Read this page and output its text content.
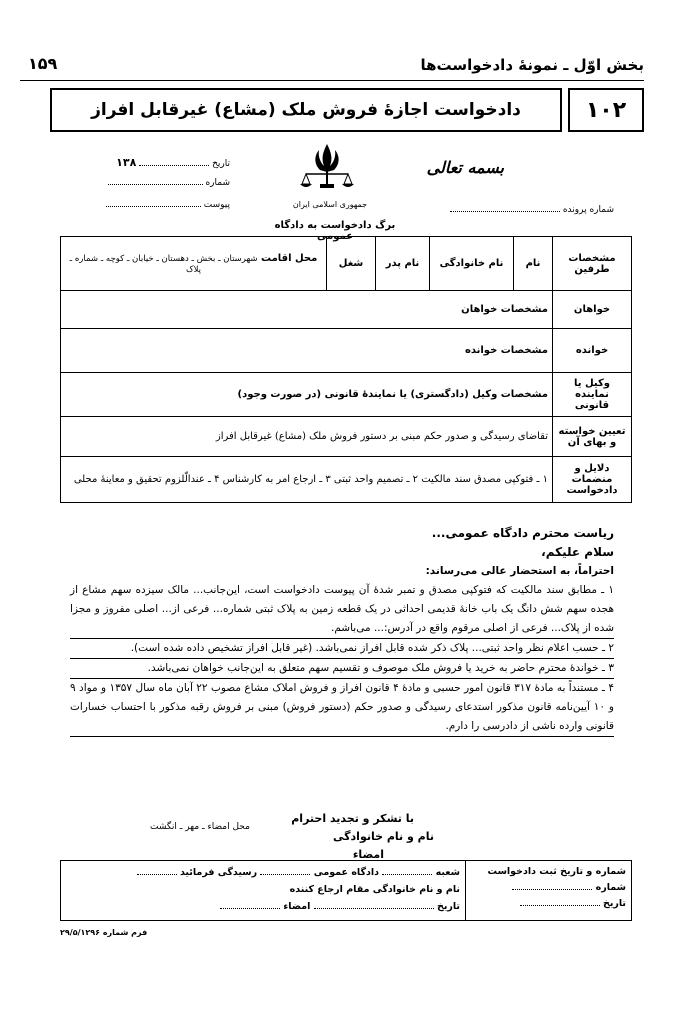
بخش اوّل ـ نمونهٔ دادخواست‌ها
۱۵۹
۱۰۲
دادخواست اجازهٔ فروش ملک (مشاع) غیرقابل افراز
بسمه تعالی
تاریخ  ۱۳۸
شماره
پیوست	شماره پرونده
جمهوری اسلامی ایران
برگ دادخواست به دادگاه عمومی
مشخصات طرفین	نام	نام خانوادگی	نام پدر	شغل	محل اقامت شهرستان ـ بخش ـ دهستان ـ خیابان ـ کوچه ـ شماره ـ پلاک
خواهان	مشخصات خواهان				
خوانده	مشخصات خوانده				
وکیل یا نماینده قانونی	مشخصات وکیل (دادگستری) یا نمایندهٔ قانونی (در صورت وجود)				
تعیین خواسته و بهای آن	تقاضای رسیدگی و صدور حکم مبنی بر دستور فروش ملک (مشاع) غیرقابل افراز				
دلایل و منضمات دادخواست	۱ ـ فتوکپی مصدق سند مالکیت ۲ ـ تصمیم واحد ثبتی ۳ ـ ارجاع امر به کارشناس ۴ ـ عندالّلزوم تحقیق و معاینهٔ محلی				

ریاست محترم دادگاه عمومی...

سلام علیکم،

احتراماً، به استحضار عالی می‌رساند:

۱ ـ مطابق سند مالکیت که فتوکپی مصدق و تمبر شدهٔ آن پیوست دادخواست است، این‌جانب... مالک سیزده سهم مشاع از هجده سهم شش دانگ یک باب خانهٔ قدیمی احداثی در یک قطعه زمین به پلاک ثبتی شماره... فرعی از... اصلی مفروز و مجزا شده از پلاک... فرعی از اصلی مرقوم واقع در آدرس:... می‌باشم.

۲ ـ حسب اعلام نظر واحد ثبتی... پلاک ذکر شده قابل افراز نمی‌باشد. (غیر قابل افراز تشخیص داده شده است).

۳ ـ خواندهٔ محترم حاضر به خرید یا فروش ملک موصوف و تقسیم سهم متعلق به این‌جانب خواهان نمی‌باشد.

۴ ـ مستنداً به مادهٔ ۳۱۷ قانون امور حسبی و مادهٔ ۴ قانون افراز و فروش املاک مشاع مصوب ۲۲ آبان ماه سال ۱۳۵۷ و مواد ۹ و ۱۰ آیین‌نامه قانون مذکور استدعای رسیدگی و صدور حکم (دستور فروش) مبنی بر فروش رقبه مذکور با احتساب خسارات قانونی وارده ناشی از دادرسی را دارم.

با تشکر و تجدید احترام
نام و نام خانوادگی
امضاء
محل امضاء ـ مهر ـ انگشت
شماره و تاریخ ثبت دادخواست
شماره
تاریخ

شعبه  دادگاه عمومی  رسیدگی فرمائید
نام و نام خانوادگی مقام ارجاع کننده
تاریخ  امضاء
فرم شماره ۲۹/۵/۱۲۹۶
